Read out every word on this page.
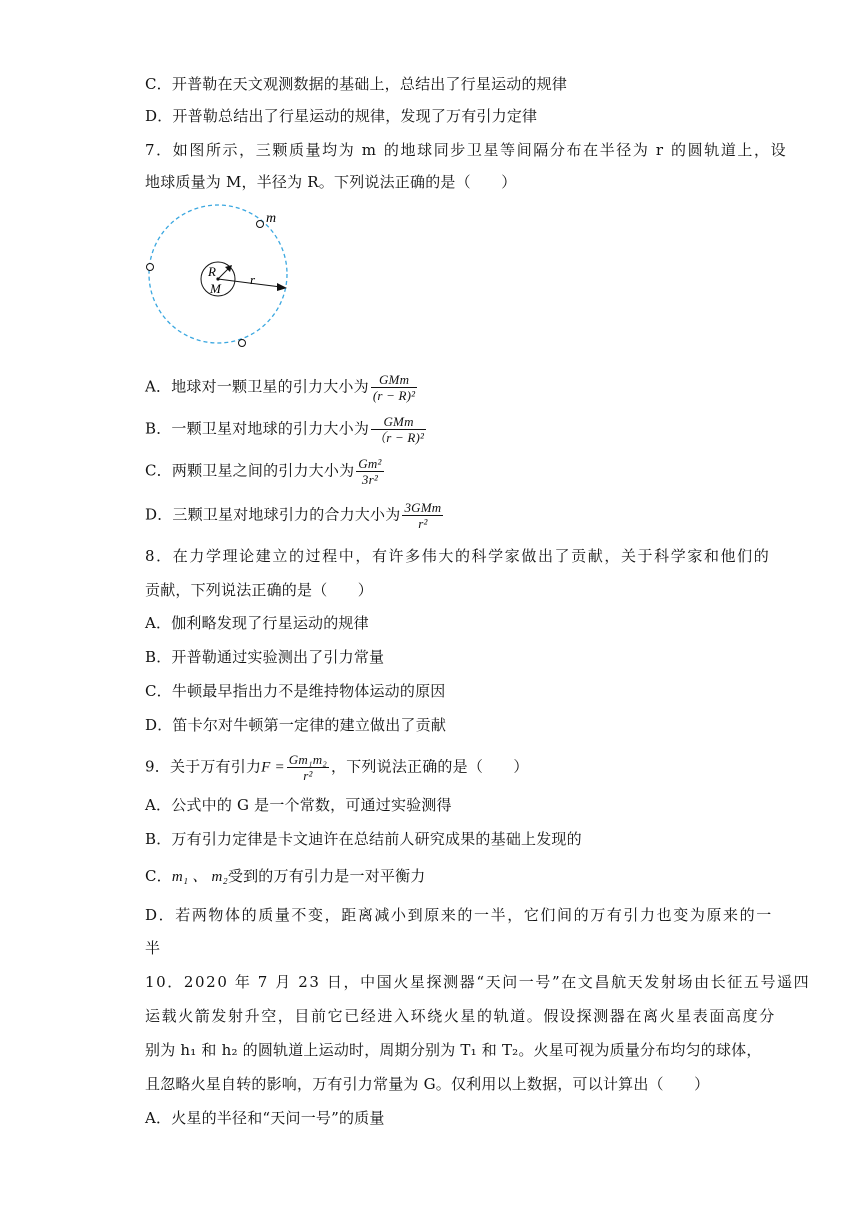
C．开普勒在天文观测数据的基础上，总结出了行星运动的规律
D．开普勒总结出了行星运动的规律，发现了万有引力定律
7．如图所示，三颗质量均为 m 的地球同步卫星等间隔分布在半径为 r 的圆轨道上，设
地球质量为 M，半径为 R。下列说法正确的是（　　）
m
R
M
r
A．地球对一颗卫星的引力大小为 $\frac{\text{GMm}}{\text{(r − R)²}}$
B．一颗卫星对地球的引力大小为 $\frac{\text{GMm}}{\text{（r − R)²}}$
C．两颗卫星之间的引力大小为 $\frac{\text{Gm²}}{\text{3r²}}$
D．三颗卫星对地球引力的合力大小为 $\frac{\text{3GMm}}{\text{r²}}$
8．在力学理论建立的过程中，有许多伟大的科学家做出了贡献，关于科学家和他们的
贡献，下列说法正确的是（　　）
A．伽利略发现了行星运动的规律
B．开普勒通过实验测出了引力常量
C．牛顿最早指出力不是维持物体运动的原因
D．笛卡尔对牛顿第一定律的建立做出了贡献
9．关于万有引力$F = \frac{\text{Gm₁m₂}}{\text{r²}}$ ，下列说法正确的是（　　）
A．公式中的 G 是一个常数，可通过实验测得
B．万有引力定律是卡文迪许在总结前人研究成果的基础上发现的
C．m₁ 、 m₂受到的万有引力是一对平衡力
D．若两物体的质量不变，距离减小到原来的一半，它们间的万有引力也变为原来的一
半
10．2020 年 7 月 23 日，中国火星探测器“天问一号”在文昌航天发射场由长征五号遥四
运载火箭发射升空，目前它已经进入环绕火星的轨道。假设探测器在离火星表面高度分
别为 h₁ 和 h₂ 的圆轨道上运动时，周期分别为 T₁ 和 T₂。火星可视为质量分布均匀的球体，
且忽略火星自转的影响，万有引力常量为 G。仅利用以上数据，可以计算出（　　）
A．火星的半径和“天问一号”的质量
